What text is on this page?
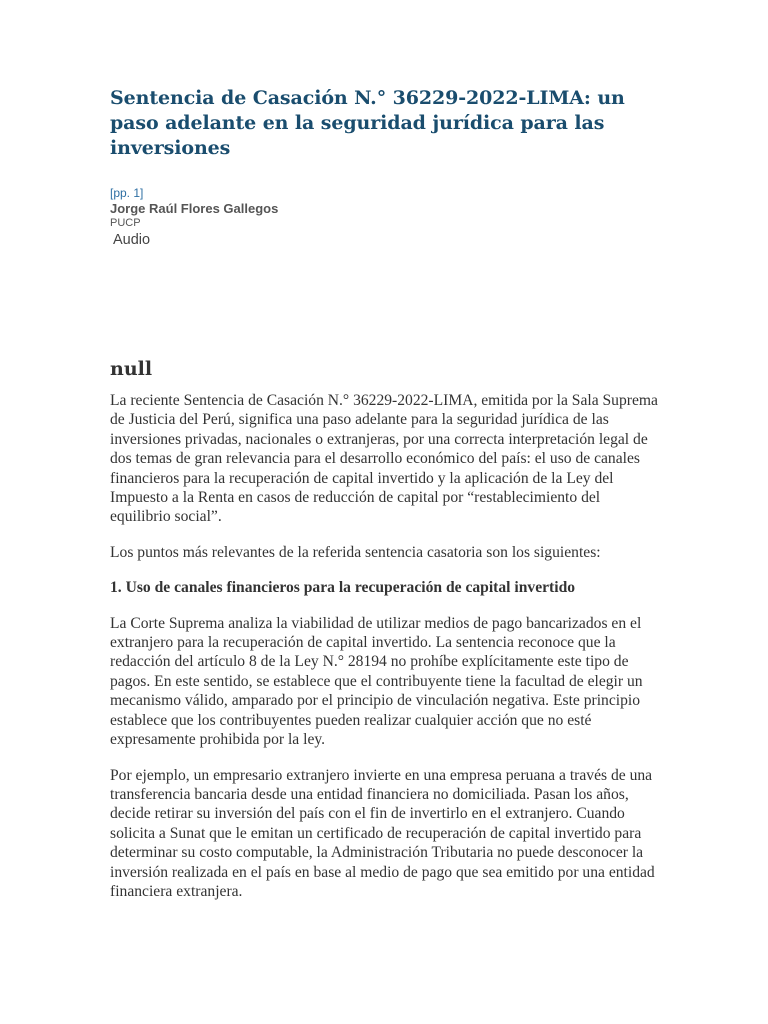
Sentencia de Casación N.° 36229-2022-LIMA: un paso adelante en la seguridad jurídica para las inversiones
[pp. 1]
Jorge Raúl Flores Gallegos
PUCP
Audio
null

La reciente Sentencia de Casación N.° 36229-2022-LIMA, emitida por la Sala Suprema de Justicia del Perú, significa una paso adelante para la seguridad jurídica de las inversiones privadas, nacionales o extranjeras, por una correcta interpretación legal de dos temas de gran relevancia para el desarrollo económico del país: el uso de canales financieros para la recuperación de capital invertido y la aplicación de la Ley del Impuesto a la Renta en casos de reducción de capital por “restablecimiento del equilibrio social”.

Los puntos más relevantes de la referida sentencia casatoria son los siguientes:

1. Uso de canales financieros para la recuperación de capital invertido

La Corte Suprema analiza la viabilidad de utilizar medios de pago bancarizados en el extranjero para la recuperación de capital invertido. La sentencia reconoce que la redacción del artículo 8 de la Ley N.° 28194 no prohíbe explícitamente este tipo de pagos. En este sentido, se establece que el contribuyente tiene la facultad de elegir un mecanismo válido, amparado por el principio de vinculación negativa. Este principio establece que los contribuyentes pueden realizar cualquier acción que no esté expresamente prohibida por la ley.

Por ejemplo, un empresario extranjero invierte en una empresa peruana a través de una transferencia bancaria desde una entidad financiera no domiciliada. Pasan los años, decide retirar su inversión del país con el fin de invertirlo en el extranjero. Cuando solicita a Sunat que le emitan un certificado de recuperación de capital invertido para determinar su costo computable, la Administración Tributaria no puede desconocer la inversión realizada en el país en base al medio de pago que sea emitido por una entidad financiera extranjera.
